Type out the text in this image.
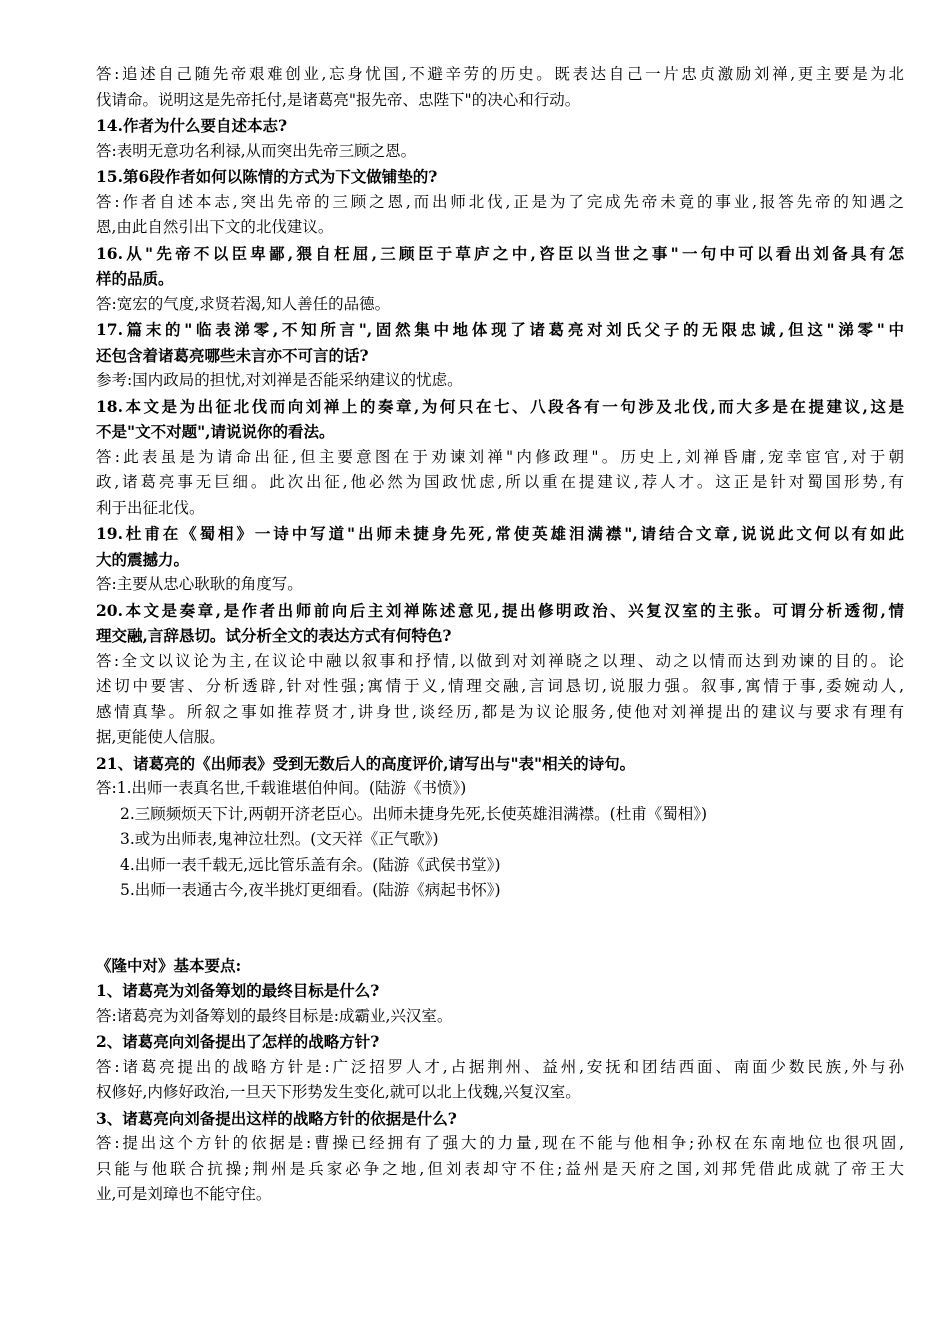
答:追述自己随先帝艰难创业,忘身忧国,不避辛劳的历史。既表达自己一片忠贞激励刘禅,更主要是为北
伐请命。说明这是先帝托付,是诸葛亮"报先帝、忠陛下"的决心和行动。
14.作者为什么要自述本志?
答:表明无意功名利禄,从而突出先帝三顾之恩。
15.第6段作者如何以陈情的方式为下文做铺垫的?
答:作者自述本志,突出先帝的三顾之恩,而出师北伐,正是为了完成先帝未竟的事业,报答先帝的知遇之
恩,由此自然引出下文的北伐建议。
16.从"先帝不以臣卑鄙,猥自枉屈,三顾臣于草庐之中,咨臣以当世之事"一句中可以看出刘备具有怎
样的品质。
答:宽宏的气度,求贤若渴,知人善任的品德。
17.篇末的"临表涕零,不知所言",固然集中地体现了诸葛亮对刘氏父子的无限忠诚,但这"涕零"中
还包含着诸葛亮哪些未言亦不可言的话?
参考:国内政局的担忧,对刘禅是否能采纳建议的忧虑。
18.本文是为出征北伐而向刘禅上的奏章,为何只在七、八段各有一句涉及北伐,而大多是在提建议,这是
不是"文不对题",请说说你的看法。
答:此表虽是为请命出征,但主要意图在于劝谏刘禅"内修政理"。历史上,刘禅昏庸,宠幸宦官,对于朝
政,诸葛亮事无巨细。此次出征,他必然为国政忧虑,所以重在提建议,荐人才。这正是针对蜀国形势,有
利于出征北伐。
19.杜甫在《蜀相》一诗中写道"出师未捷身先死,常使英雄泪满襟",请结合文章,说说此文何以有如此
大的震撼力。
答:主要从忠心耿耿的角度写。
20.本文是奏章,是作者出师前向后主刘禅陈述意见,提出修明政治、兴复汉室的主张。可谓分析透彻,情
理交融,言辞恳切。试分析全文的表达方式有何特色?
答:全文以议论为主,在议论中融以叙事和抒情,以做到对刘禅晓之以理、动之以情而达到劝谏的目的。论
述切中要害、分析透辟,针对性强;寓情于义,情理交融,言词恳切,说服力强。叙事,寓情于事,委婉动人,
感情真挚。所叙之事如推荐贤才,讲身世,谈经历,都是为议论服务,使他对刘禅提出的建议与要求有理有
据,更能使人信服。
21、诸葛亮的《出师表》受到无数后人的高度评价,请写出与"表"相关的诗句。
答:1.出师一表真名世,千载谁堪伯仲间。(陆游《书愤》)
2.三顾频烦天下计,两朝开济老臣心。出师未捷身先死,长使英雄泪满襟。(杜甫《蜀相》)
3.或为出师表,鬼神泣壮烈。(文天祥《正气歌》)
4.出师一表千载无,远比管乐盖有余。(陆游《武侯书堂》)
5.出师一表通古今,夜半挑灯更细看。(陆游《病起书怀》)
《隆中对》基本要点:
1、诸葛亮为刘备筹划的最终目标是什么?
答:诸葛亮为刘备筹划的最终目标是:成霸业,兴汉室。
2、诸葛亮向刘备提出了怎样的战略方针?
答:诸葛亮提出的战略方针是:广泛招罗人才,占据荆州、益州,安抚和团结西面、南面少数民族,外与孙
权修好,内修好政治,一旦天下形势发生变化,就可以北上伐魏,兴复汉室。
3、诸葛亮向刘备提出这样的战略方针的依据是什么?
答:提出这个方针的依据是:曹操已经拥有了强大的力量,现在不能与他相争;孙权在东南地位也很巩固,
只能与他联合抗操;荆州是兵家必争之地,但刘表却守不住;益州是天府之国,刘邦凭借此成就了帝王大
业,可是刘璋也不能守住。
